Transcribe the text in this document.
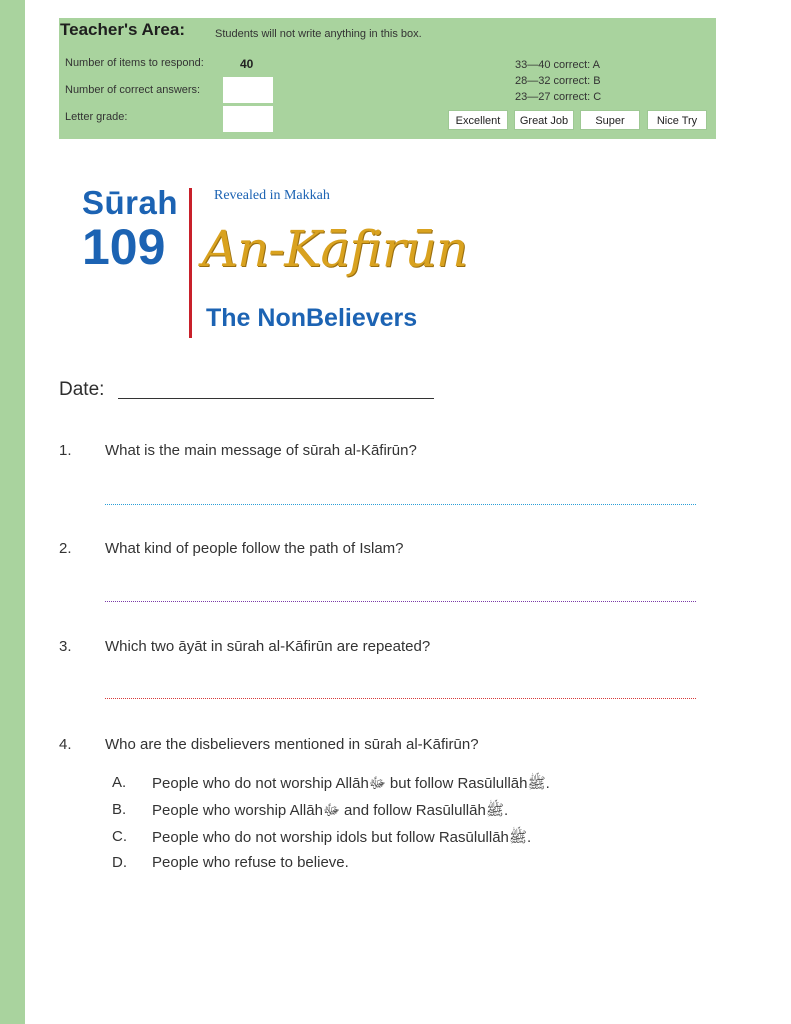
Teacher's Area:	Students will not write anything in this box.
Number of items to respond:	40
Number of correct answers:
Letter grade:
33—40 correct: A
28—32 correct: B
23—27 correct: C
Excellent	Great Job	Super	Nice Try
Sūrah
109
Revealed in Makkah
An-Kāfirūn
The NonBelievers
Date:
1. What is the main message of sūrah al-Kāfirūn?
2. What kind of people follow the path of Islam?
3. Which two āyāt in sūrah al-Kāfirūn are repeated?
4. Who are the disbelievers mentioned in sūrah al-Kāfirūn?
A. People who do not worship Allāhﷻ but follow Rasūlullāhﷺ.
B. People who worship Allāhﷻ and follow Rasūlullāhﷺ.
C. People who do not worship idols but follow Rasūlullāhﷺ.
D. People who refuse to believe.
